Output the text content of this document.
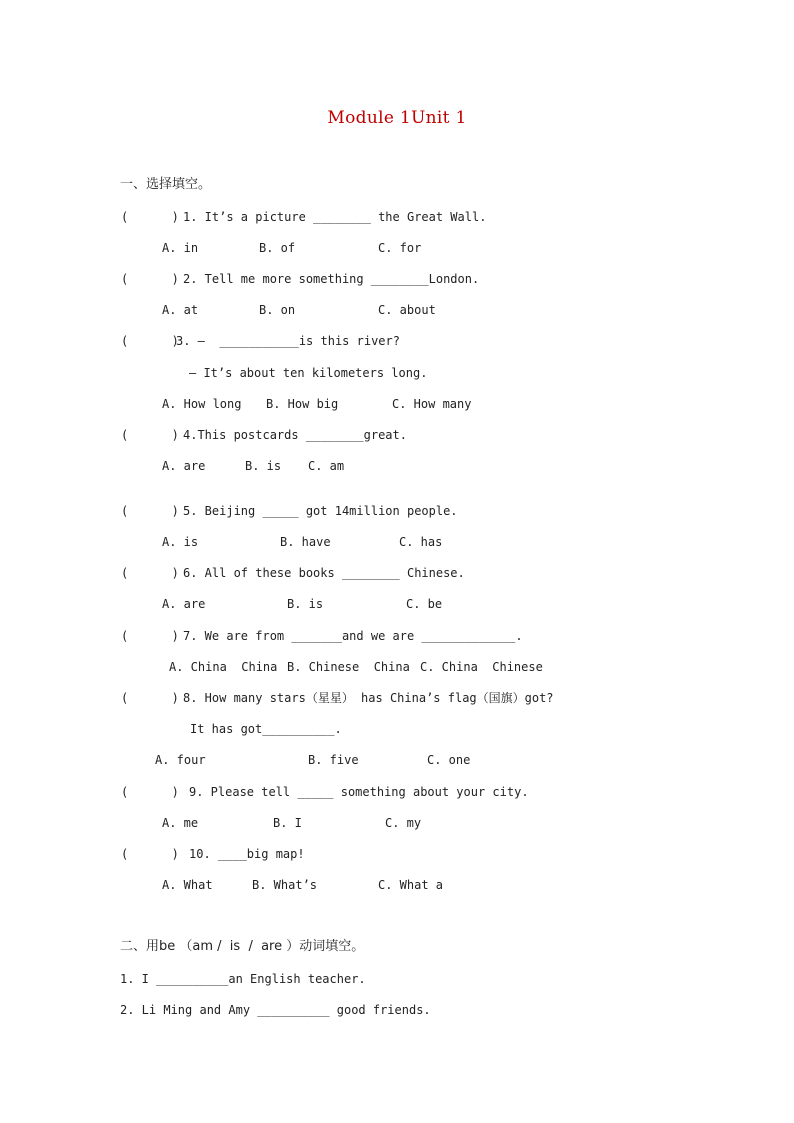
Module 1Unit 1
一、选择填空。
(      ) 1. It’s a picture ________ the Great Wall.
A. in	B. of	C. for
(      ) 2. Tell me more something ________London.
A. at	B. on	C. about
(      )
3. –  ___________is this river?
– It’s about ten kilometers long.
A. How long B. How big	C. How many
(      ) 4.This postcards ________great.
A. are	B. is C. am
(      ) 5. Beijing _____ got 14million people.
A. is	B. have	C. has
(      ) 6. All of these books ________ Chinese.
A. are	B. is	C. be
(      ) 7. We are from _______and we are _____________.
A. China  China B. Chinese  China C. China  Chinese
(      ) 8. How many stars（星星） has China’s flag（国旗）got?
It has got__________.
A. four	B. five	C. one
(      ) 9. Please tell _____ something about your city.
A. me	B. I	C. my
(      ) 10. ____big map!
A. What	B. What’s	C. What a
二、用be （am /  is  /  are ）动词填空。
1. I __________an English teacher.
2. Li Ming and Amy __________ good friends.
